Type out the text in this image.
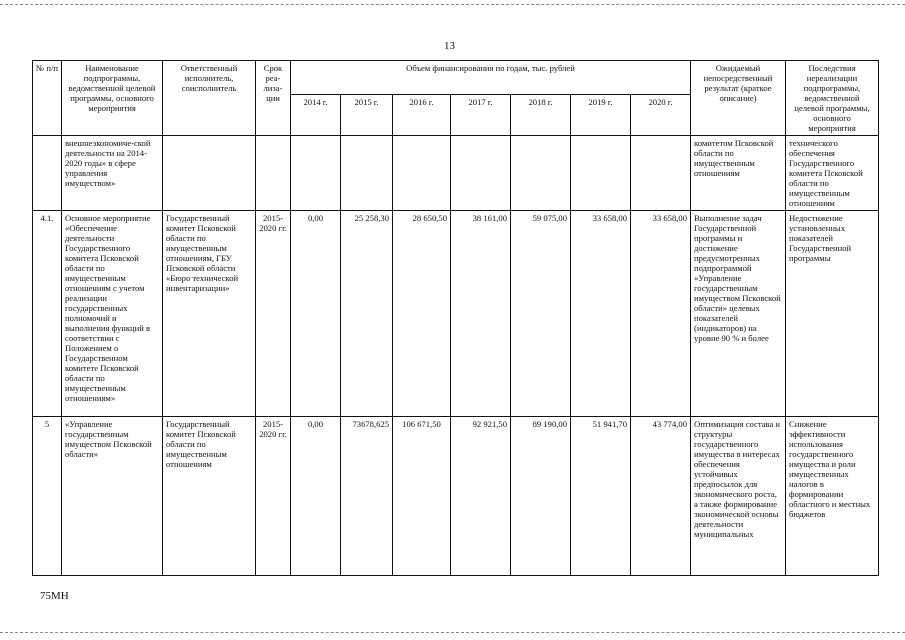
13
№ п/п	Наименование подпрограммы, ведомственной целевой программы, основного мероприятия	Ответственный исполнитель, соисполнитель	Срок реа-лиза-ции	Объем финансирования по годам, тыс. рублей							Ожидаемый непосредственный результат (краткое описание)	Последствия нереализации подпрограммы, ведомственной целевой программы, основного мероприятия
				2014 г.	2015 г.	2016 г.	2017 г.	2018 г.	2019 г.	2020 г.		
	внешнеэкономиче-ской деятельности на 2014-2020 годы» в сфере управления имуществом»										комитетом Псковской области по имущественным отношениям	технического обеспечения Государственного комитета Псковской области по имущественным отношениям
4.1.	Основное мероприятие «Обеспечение деятельности Государственного комитета Псковской области по имущественным отношениям с учетом реализации государственных полномочий и выполнения функций в соответствии с Положением о Государственном комитете Псковской области по имущественным отношениям»	Государственный комитет Псковской области по имущественным отношениям, ГБУ Псковской области «Бюро технической инвентаризации»	2015-2020 гг.	0,00	25 258,30	28 650,50	38 161,00	59 075,00	33 658,00	33 658,00	Выполнение задач Государственной программы и достижение предусмотренных подпрограммой «Управление государственным имуществом Псковской области» целевых показателей (индикаторов) на уровне 90 % и более	Недостижение установленных показателей Государственной программы
5	«Управление государственным имуществом Псковской области»	Государственный комитет Псковской области по имущественным отношениям	2015-2020 гг.	0,00	73678,625	106 671,50	92 921,50	89 190,00	51 941,70	43 774,00	Оптимизация состава и структуры государственного имущества в интересах обеспечения устойчивых предпосылок для экономического роста, а также формирование экономической основы деятельности муниципальных	Снижение эффективности использования государственного имущества и роли имущественных налогов в формировании областного и местных бюджетов
75МН
